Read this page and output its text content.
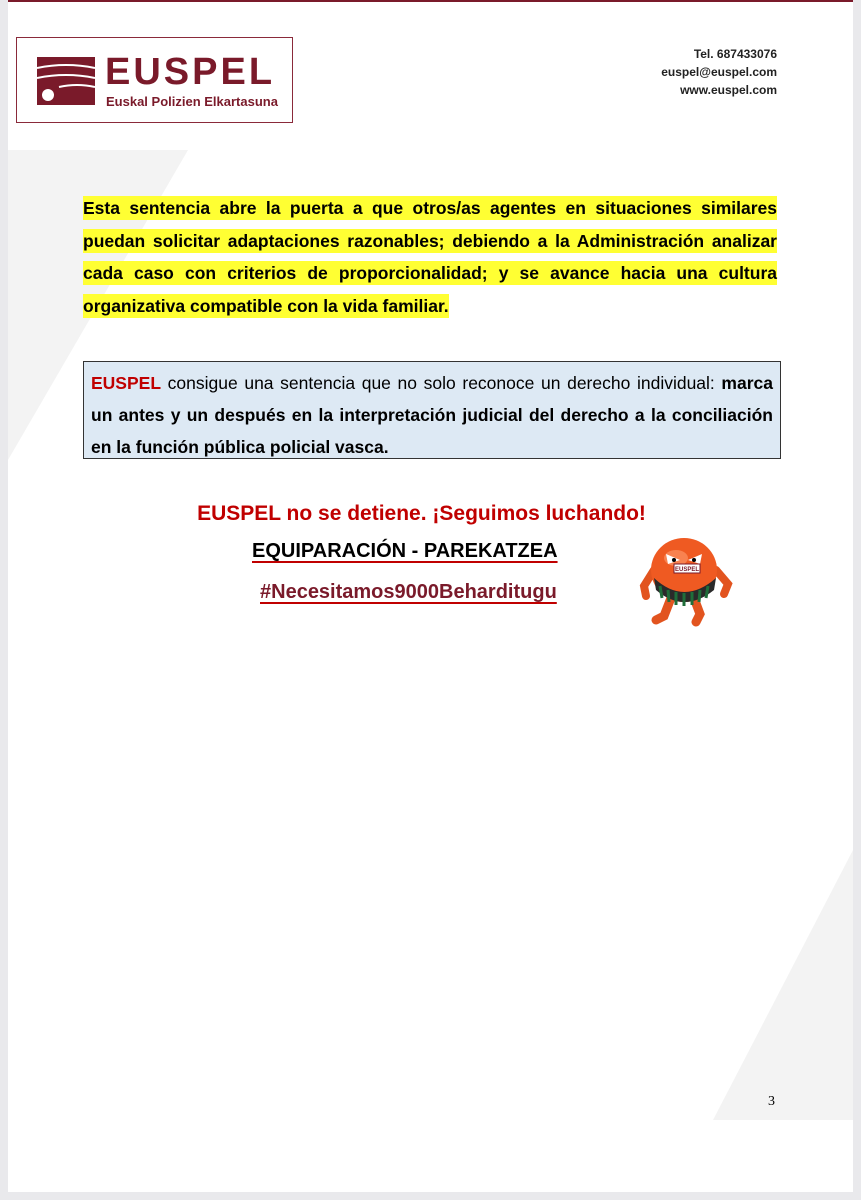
EUSPEL
Euskal Polizien Elkartasuna
Tel. 687433076
euspel@euspel.com
www.euspel.com
Esta sentencia abre la puerta a que otros/as agentes en situaciones similares puedan solicitar adaptaciones razonables; debiendo a la Administración analizar cada caso con criterios de proporcionalidad; y se avance hacia una cultura organizativa compatible con la vida familiar.
EUSPEL consigue una sentencia que no solo reconoce un derecho individual: marca un antes y un después en la interpretación judicial del derecho a la conciliación en la función pública policial vasca.
EUSPEL no se detiene. ¡Seguimos luchando!
EQUIPARACIÓN - PAREKATZEA
#Necesitamos9000Beharditugu
EUSPEL
3
